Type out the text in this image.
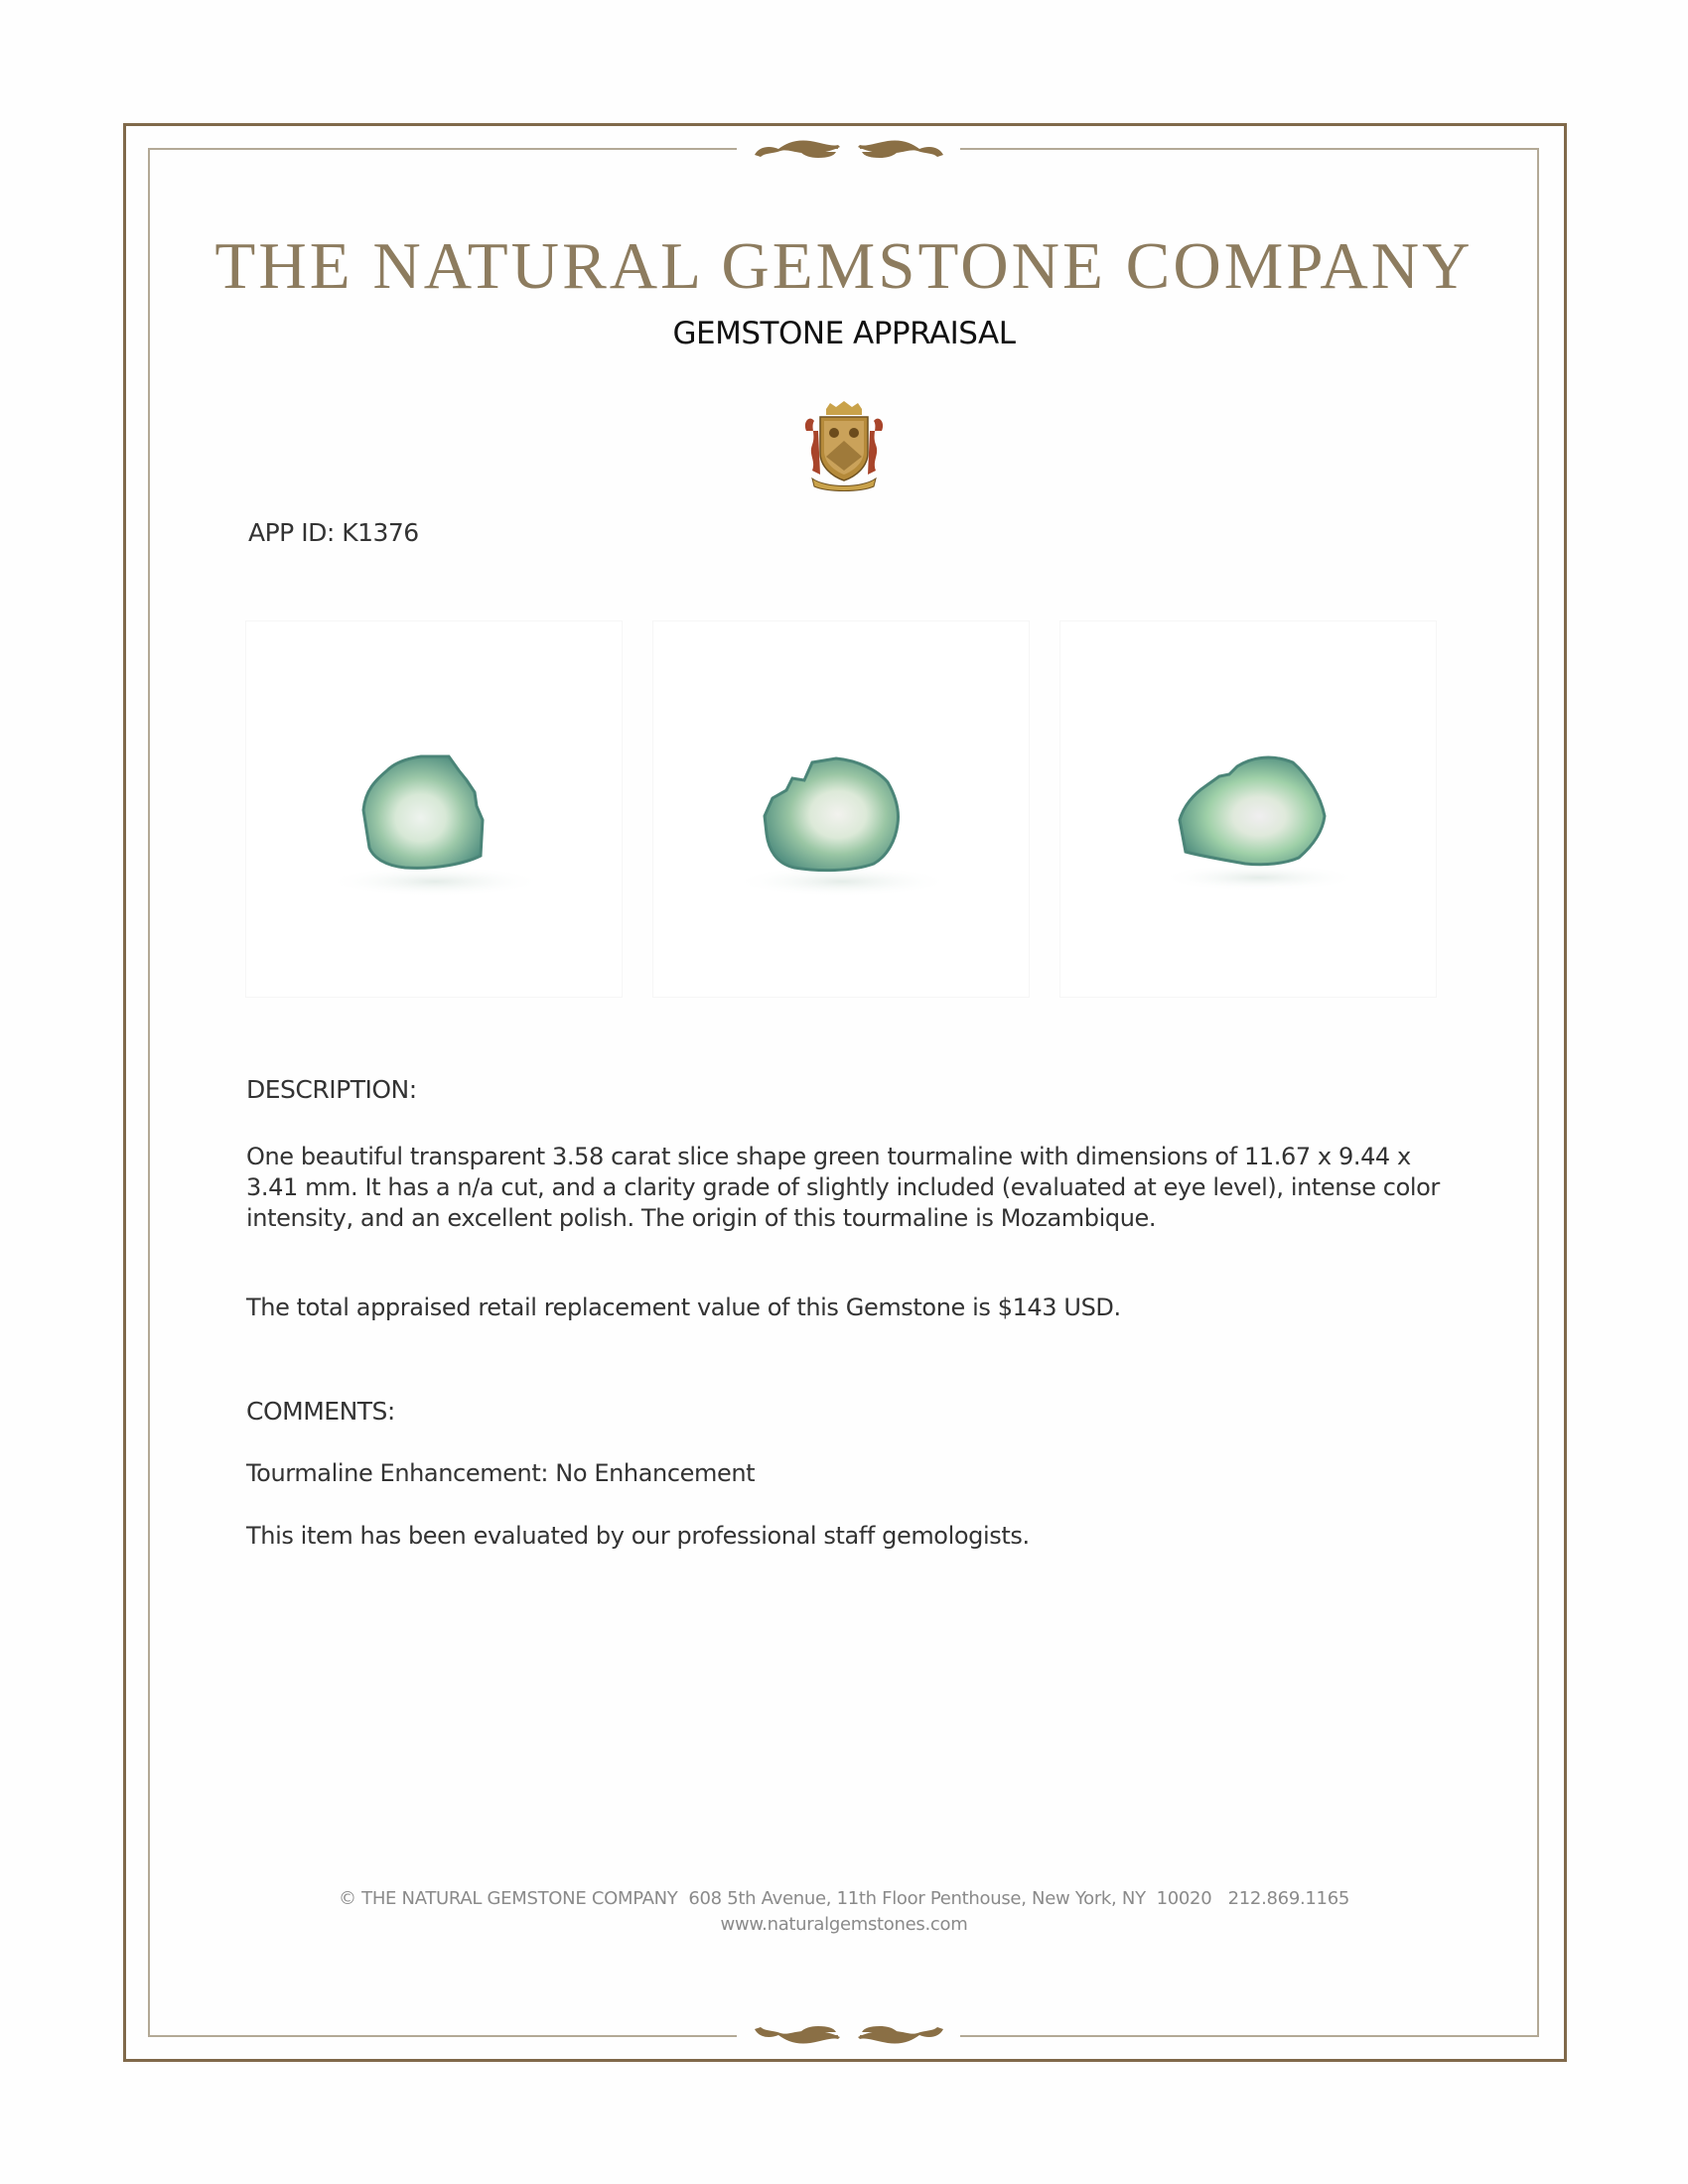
THE NATURAL GEMSTONE COMPANY
GEMSTONE APPRAISAL
APP ID: K1376
DESCRIPTION:
One beautiful transparent 3.58 carat slice shape green tourmaline with dimensions of 11.67 x 9.44 x 3.41 mm. It has a n/a cut, and a clarity grade of slightly included (evaluated at eye level), intense color intensity, and an excellent polish. The origin of this tourmaline is Mozambique.
The total appraised retail replacement value of this Gemstone is $143 USD.
COMMENTS:
Tourmaline Enhancement: No Enhancement
This item has been evaluated by our professional staff gemologists.
© THE NATURAL GEMSTONE COMPANY  608 5th Avenue, 11th Floor Penthouse, New York, NY  10020   212.869.1165
www.naturalgemstones.com
